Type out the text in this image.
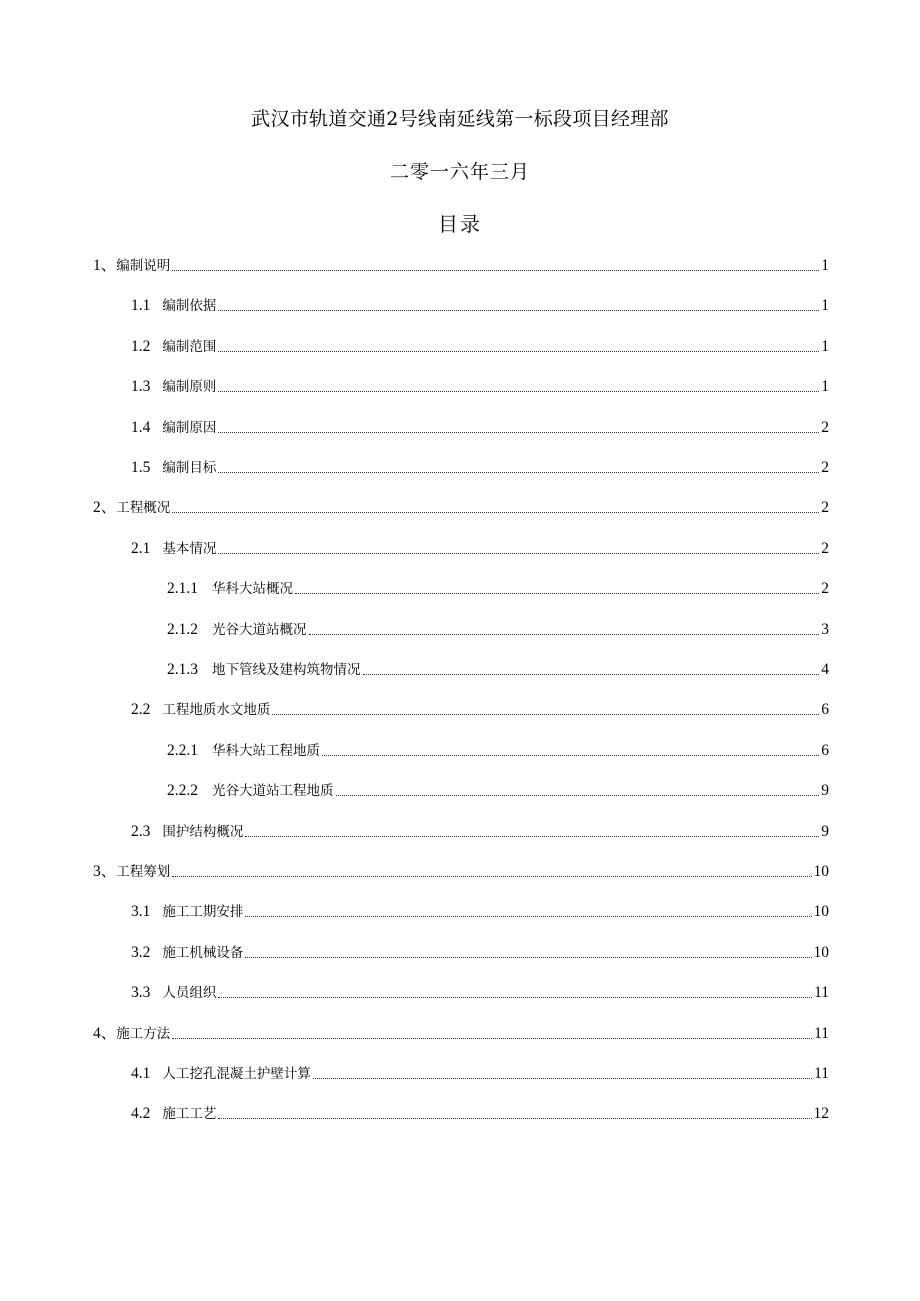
武汉市轨道交通2号线南延线第一标段项目经理部
二零一六年三月
目录
1、 编制说明	1
1.1 编制依据	1
1.2 编制范围	1
1.3 编制原则	1
1.4 编制原因	2
1.5 编制目标	2
2、 工程概况	2
2.1 基本情况	2
2.1.1 华科大站概况	2
2.1.2 光谷大道站概况	3
2.1.3 地下管线及建构筑物情况	4
2.2 工程地质水文地质	6
2.2.1 华科大站工程地质	6
2.2.2 光谷大道站工程地质	9
2.3 围护结构概况	9
3、 工程筹划	10
3.1 施工工期安排	10
3.2 施工机械设备	10
3.3 人员组织	11
4、 施工方法	11
4.1 人工挖孔混凝土护壁计算	11
4.2 施工工艺	12
